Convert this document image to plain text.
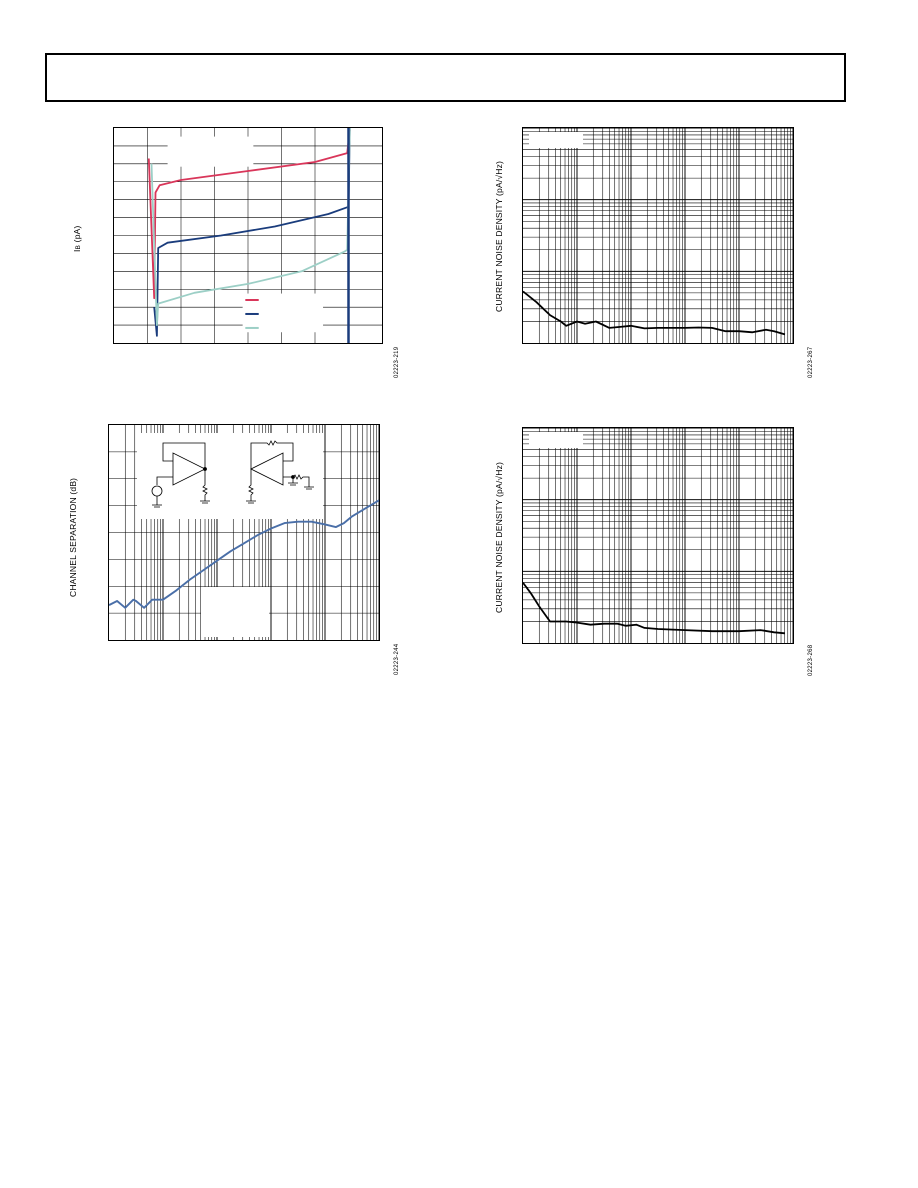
IB (pA)
02223-219
CURRENT NOISE DENSITY (pA/√Hz)
02223-267
CHANNEL SEPARATION (dB)
02223-244
CURRENT NOISE DENSITY (pA/√Hz)
02223-268
